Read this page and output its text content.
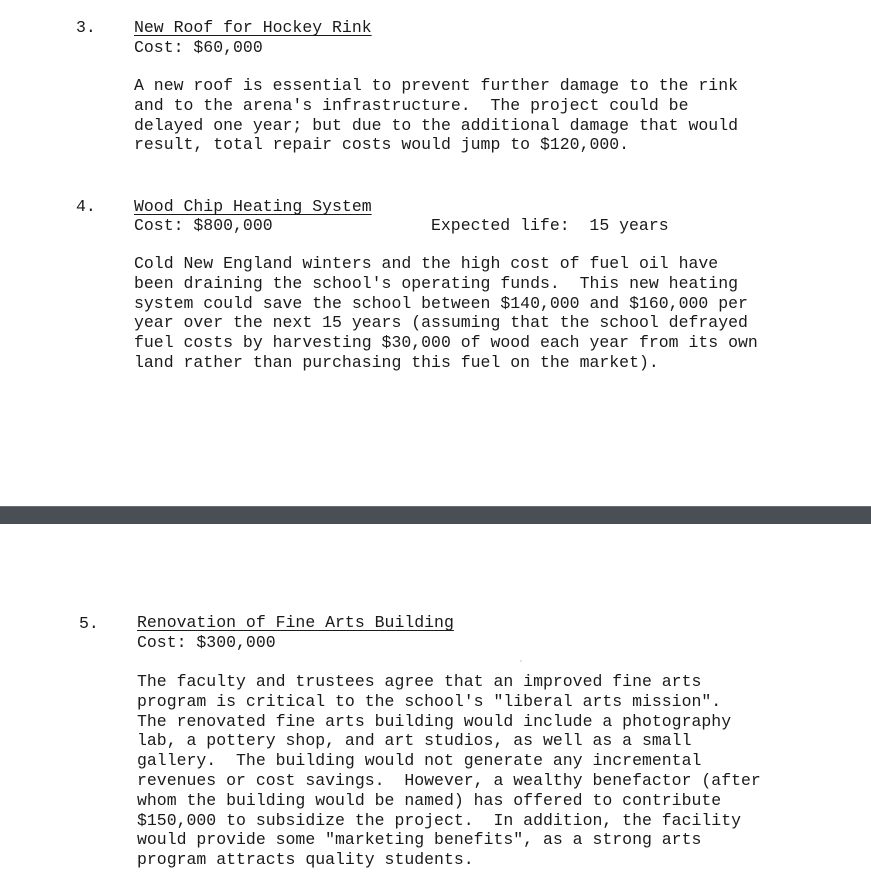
3. New Roof for Hockey Rink
Cost: $60,000
A new roof is essential to prevent further damage to the rink
and to the arena's infrastructure.  The project could be
delayed one year; but due to the additional damage that would
result, total repair costs would jump to $120,000.
4. Wood Chip Heating System
Cost: $800,000	Expected life:  15 years
Cold New England winters and the high cost of fuel oil have
been draining the school's operating funds.  This new heating
system could save the school between $140,000 and $160,000 per
year over the next 15 years (assuming that the school defrayed
fuel costs by harvesting $30,000 of wood each year from its own
land rather than purchasing this fuel on the market).
5. Renovation of Fine Arts Building
Cost: $300,000
The faculty and trustees agree that an improved fine arts
program is critical to the school's "liberal arts mission".
The renovated fine arts building would include a photography
lab, a pottery shop, and art studios, as well as a small
gallery.  The building would not generate any incremental
revenues or cost savings.  However, a wealthy benefactor (after
whom the building would be named) has offered to contribute
$150,000 to subsidize the project.  In addition, the facility
would provide some "marketing benefits", as a strong arts
program attracts quality students.
